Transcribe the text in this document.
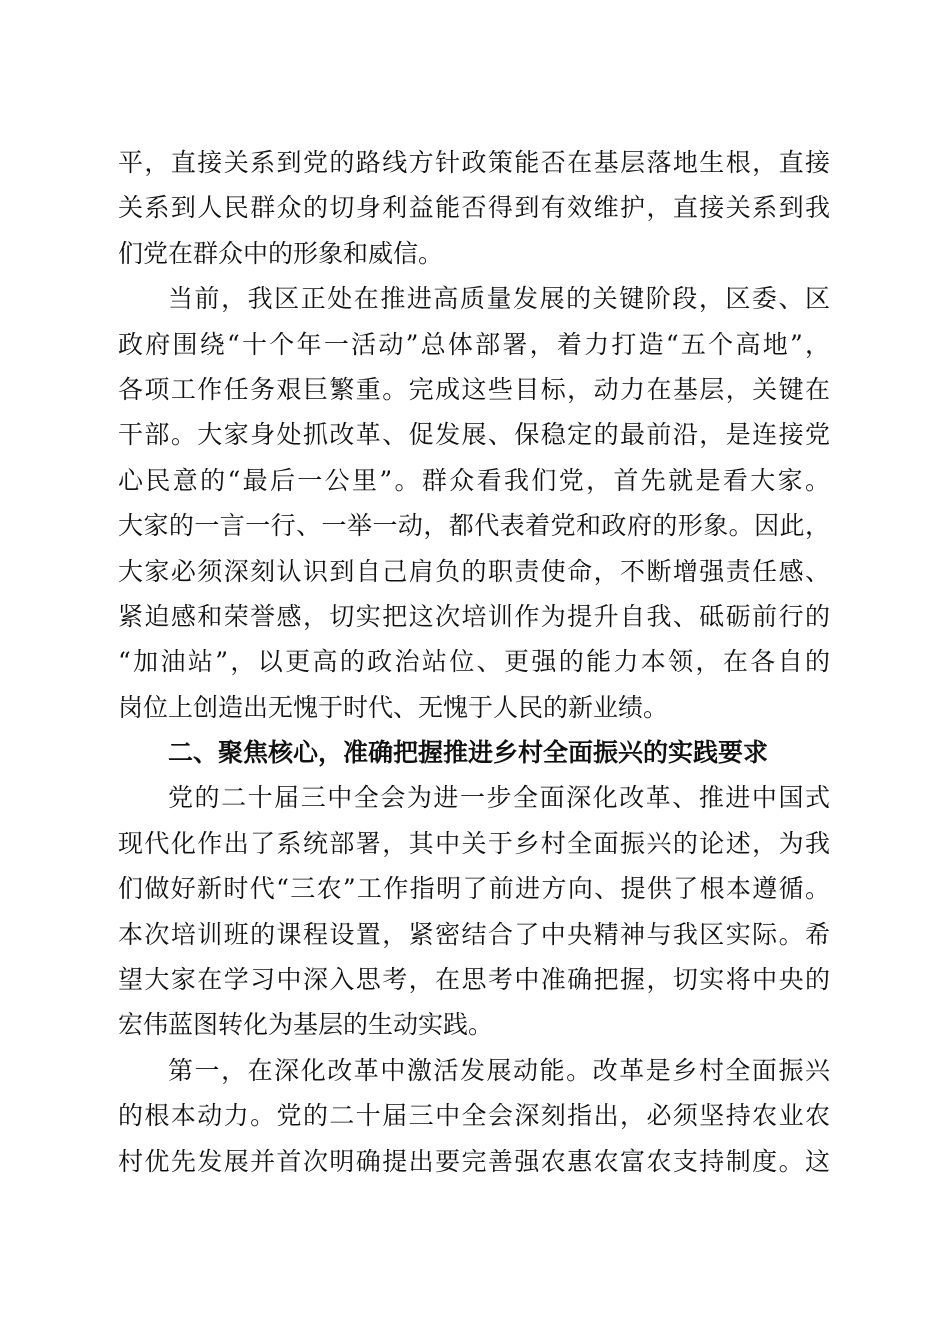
平，直接关系到党的路线方针政策能否在基层落地生根，直接
关系到人民群众的切身利益能否得到有效维护，直接关系到我
们党在群众中的形象和威信。
当前，我区正处在推进高质量发展的关键阶段，区委、区
政府围绕“十个年一活动”总体部署，着力打造“五个高地”，
各项工作任务艰巨繁重。完成这些目标，动力在基层，关键在
干部。大家身处抓改革、促发展、保稳定的最前沿，是连接党
心民意的“最后一公里”。群众看我们党，首先就是看大家。
大家的一言一行、一举一动，都代表着党和政府的形象。因此，
大家必须深刻认识到自己肩负的职责使命，不断增强责任感、
紧迫感和荣誉感，切实把这次培训作为提升自我、砥砺前行的
“加油站”，以更高的政治站位、更强的能力本领，在各自的
岗位上创造出无愧于时代、无愧于人民的新业绩。
二、聚焦核心，准确把握推进乡村全面振兴的实践要求
党的二十届三中全会为进一步全面深化改革、推进中国式
现代化作出了系统部署，其中关于乡村全面振兴的论述，为我
们做好新时代“三农”工作指明了前进方向、提供了根本遵循。
本次培训班的课程设置，紧密结合了中央精神与我区实际。希
望大家在学习中深入思考，在思考中准确把握，切实将中央的
宏伟蓝图转化为基层的生动实践。
第一，在深化改革中激活发展动能。改革是乡村全面振兴
的根本动力。党的二十届三中全会深刻指出，必须坚持农业农
村优先发展并首次明确提出要完善强农惠农富农支持制度。这
